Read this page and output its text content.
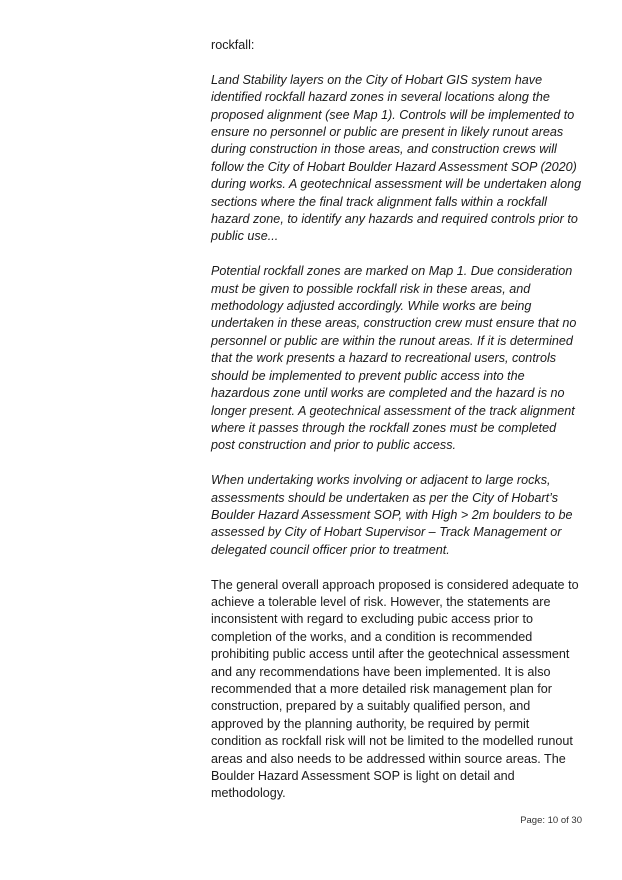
rockfall:

Land Stability layers on the City of Hobart GIS system have identified rockfall hazard zones in several locations along the proposed alignment (see Map 1). Controls will be implemented to ensure no personnel or public are present in likely runout areas during construction in those areas, and construction crews will follow the City of Hobart Boulder Hazard Assessment SOP (2020) during works. A geotechnical assessment will be undertaken along sections where the final track alignment falls within a rockfall hazard zone, to identify any hazards and required controls prior to public use...

Potential rockfall zones are marked on Map 1. Due consideration must be given to possible rockfall risk in these areas, and methodology adjusted accordingly. While works are being undertaken in these areas, construction crew must ensure that no personnel or public are within the runout areas. If it is determined that the work presents a hazard to recreational users, controls should be implemented to prevent public access into the hazardous zone until works are completed and the hazard is no longer present. A geotechnical assessment of the track alignment where it passes through the rockfall zones must be completed post construction and prior to public access.

When undertaking works involving or adjacent to large rocks, assessments should be undertaken as per the City of Hobart’s Boulder Hazard Assessment SOP, with High > 2m boulders to be assessed by City of Hobart Supervisor – Track Management or delegated council officer prior to treatment.

The general overall approach proposed is considered adequate to achieve a tolerable level of risk. However, the statements are inconsistent with regard to excluding pubic access prior to completion of the works, and a condition is recommended prohibiting public access until after the geotechnical assessment and any recommendations have been implemented. It is also recommended that a more detailed risk management plan for construction, prepared by a suitably qualified person, and approved by the planning authority, be required by permit condition as rockfall risk will not be limited to the modelled runout areas and also needs to be addressed within source areas. The Boulder Hazard Assessment SOP is light on detail and methodology.

Page: 10 of 30
